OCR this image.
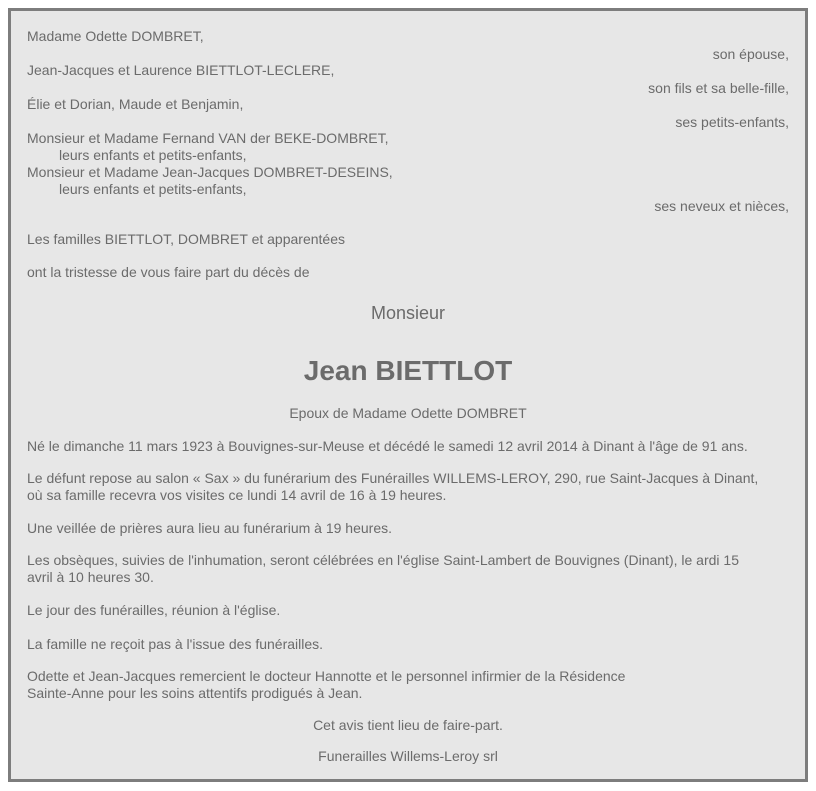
Madame Odette DOMBRET,
son épouse,
Jean-Jacques et Laurence BIETTLOT-LECLERE,
son fils et sa belle-fille,
Élie et Dorian, Maude et Benjamin,
ses petits-enfants,
Monsieur et Madame Fernand VAN der BEKE-DOMBRET,
leurs enfants et petits-enfants,
Monsieur et Madame Jean-Jacques DOMBRET-DESEINS,
leurs enfants et petits-enfants,
ses neveux et nièces,
Les familles BIETTLOT, DOMBRET et apparentées
ont la tristesse de vous faire part du décès de
Monsieur
Jean BIETTLOT
Epoux de Madame Odette DOMBRET
Né le dimanche 11 mars 1923 à Bouvignes-sur-Meuse et décédé le samedi 12 avril 2014 à Dinant à l'âge de 91 ans.
Le défunt repose au salon « Sax » du funérarium des Funérailles WILLEMS-LEROY, 290, rue Saint-Jacques à Dinant,
où sa famille recevra vos visites ce lundi 14 avril de 16 à 19 heures.
Une veillée de prières aura lieu au funérarium à 19 heures.
Les obsèques, suivies de l'inhumation, seront célébrées en l'église Saint-Lambert de Bouvignes (Dinant), le ardi 15
avril à 10 heures 30.
Le jour des funérailles, réunion à l'église.
La famille ne reçoit pas à l'issue des funérailles.
Odette et Jean-Jacques remercient le docteur Hannotte et le personnel infirmier de la Résidence
Sainte-Anne pour les soins attentifs prodigués à Jean.
Cet avis tient lieu de faire-part.
Funerailles Willems-Leroy srl
